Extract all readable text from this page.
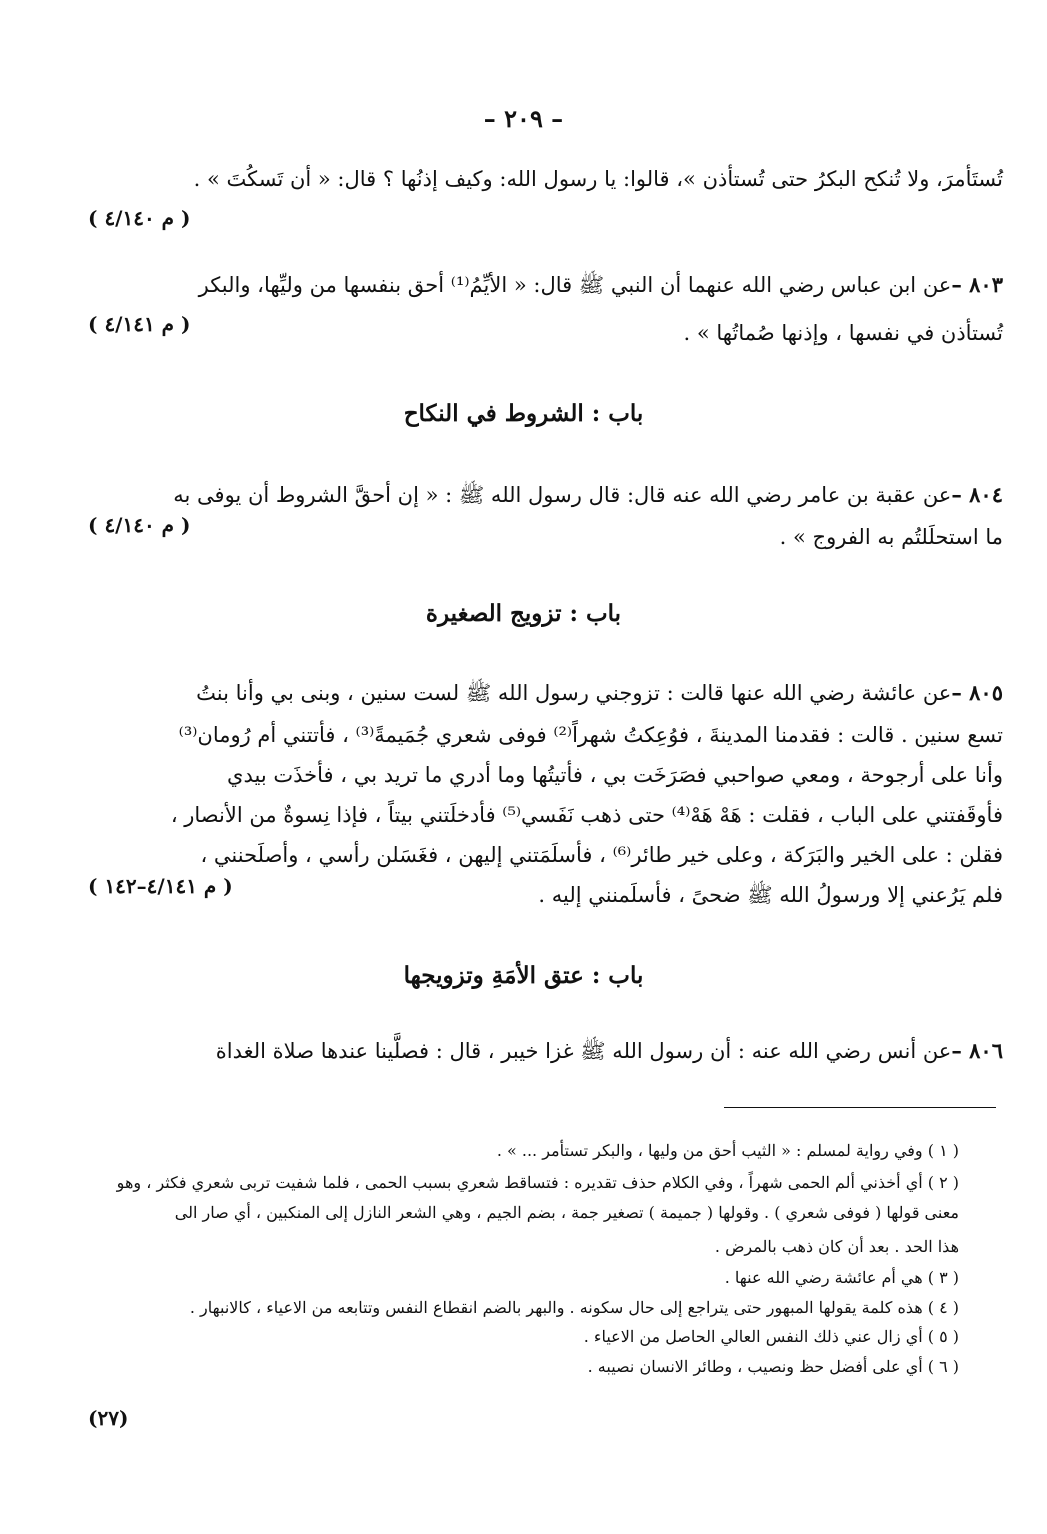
– ٢٠٩ –
تُستَأمرَ، ولا تُنكح البكرُ حتى تُستأذن »، قالوا: يا رسول الله: وكيف إذنُها ؟ قال: « أن تَسكُتَ » .
( م ٤/١٤٠ )
٨٠٣ –عن ابن عباس رضي الله عنهما أن النبي ﷺ قال: « الأيِّمُ⁽¹⁾ أحق بنفسها من وليِّها، والبكر
تُستأذن في نفسها ، وإذنها صُماتُها » .
( م ٤/١٤١ )
باب : الشروط في النكاح
٨٠٤ –عن عقبة بن عامر رضي الله عنه قال: قال رسول الله ﷺ : « إن أحقَّ الشروط أن يوفى به
ما استحلَلتُم به الفروج » .
( م ٤/١٤٠ )
باب : تزويج الصغيرة
٨٠٥ –عن عائشة رضي الله عنها قالت : تزوجني رسول الله ﷺ لست سنين ، وبنى بي وأنا بنتُ
تسع سنين . قالت : فقدمنا المدينةَ ، فوُعِكتُ شهراً⁽²⁾ فوفى شعري جُمَيمةً⁽³⁾ ، فأتتني أم رُومان⁽³⁾
وأنا على أرجوحة ، ومعي صواحبي فصَرَخَت بي ، فأتيتُها وما أدري ما تريد بي ، فأخذَت بيدي
فأوقَفتني على الباب ، فقلت : هَهْ هَهْ⁽⁴⁾ حتى ذهب نَفَسي⁽⁵⁾ فأدخلَتني بيتاً ، فإذا نِسوةٌ من الأنصار ،
فقلن : على الخير والبَرَكة ، وعلى خير طائر⁽⁶⁾ ، فأسلَمَتني إليهن ، فغَسَلن رأسي ، وأصلَحنني ،
فلم يَرُعني إلا ورسولُ الله ﷺ ضحىً ، فأسلَمنني إليه .
( م ٤/١٤١–١٤٢ )
باب : عتق الأمَةِ وتزويجها
٨٠٦ –عن أنس رضي الله عنه : أن رسول الله ﷺ غزا خيبر ، قال : فصلَّينا عندها صلاة الغداة
( ١ ) وفي رواية لمسلم : « الثيب أحق من وليها ، والبكر تستأمر ... » .
( ٢ ) أي أخذني ألم الحمى شهراً ، وفي الكلام حذف تقديره : فتساقط شعري بسبب الحمى ، فلما شفيت تربى شعري فكثر ، وهو
معنى قولها ( فوفى شعري ) . وقولها ( جميمة ) تصغير جمة ، بضم الجيم ، وهي الشعر النازل إلى المنكبين ، أي صار الى
هذا الحد . بعد أن كان ذهب بالمرض .
( ٣ ) هي أم عائشة رضي الله عنها .
( ٤ ) هذه كلمة يقولها المبهور حتى يتراجع إلى حال سكونه . والبهر بالضم انقطاع النفس وتتابعه من الاعياء ، كالانبهار .
( ٥ ) أي زال عني ذلك النفس العالي الحاصل من الاعياء .
( ٦ ) أي على أفضل حظ ونصيب ، وطائر الانسان نصيبه .
(٢٧)
